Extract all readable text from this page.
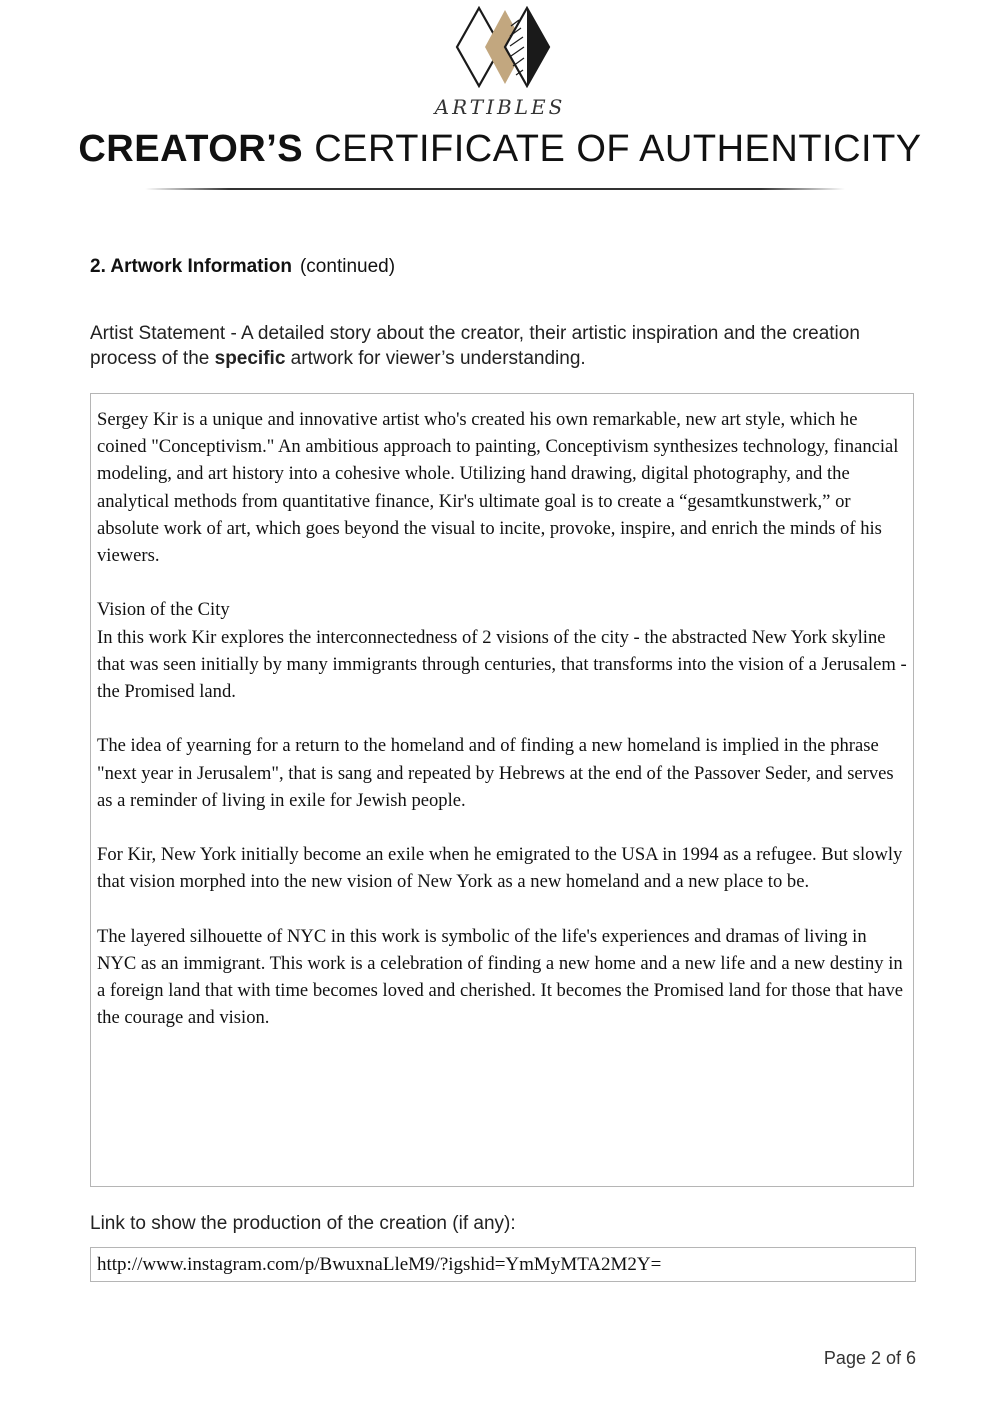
ARTIBLES
CREATOR’S CERTIFICATE OF AUTHENTICITY
2. Artwork Information (continued)
Artist Statement - A detailed story about the creator, their artistic inspiration and the creation process of the specific artwork for viewer’s understanding.

Sergey Kir is a unique and innovative artist who's created his own remarkable, new art style, which he coined "Conceptivism." An ambitious approach to painting, Conceptivism synthesizes technology, financial modeling, and art history into a cohesive whole. Utilizing hand drawing, digital photography, and the analytical methods from quantitative finance, Kir's ultimate goal is to create a “gesamtkunstwerk,” or absolute work of art, which goes beyond the visual to incite, provoke, inspire, and enrich the minds of his viewers.

Vision of the City

In this work Kir explores the interconnectedness of 2 visions of the city - the abstracted New York skyline that was seen initially by many immigrants through centuries, that transforms into the vision of a Jerusalem - the Promised land.

The idea of yearning for a return to the homeland and of finding a new homeland is implied in the phrase "next year in Jerusalem", that is sang and repeated by Hebrews at the end of the Passover Seder, and serves as a reminder of living in exile for Jewish people.

For Kir, New York initially become an exile when he emigrated to the USA in 1994 as a refugee. But slowly that vision morphed into the new vision of New York as a new homeland and a new place to be.

The layered silhouette of NYC in this work is symbolic of the life's experiences and dramas of living in NYC as an immigrant. This work is a celebration of finding a new home and a new life and a new destiny in a foreign land that with time becomes loved and cherished. It becomes the Promised land for those that have the courage and vision.

Link to show the production of the creation (if any):
http://www.instagram.com/p/BwuxnaLleM9/?igshid=YmMyMTA2M2Y=
Page 2 of 6
